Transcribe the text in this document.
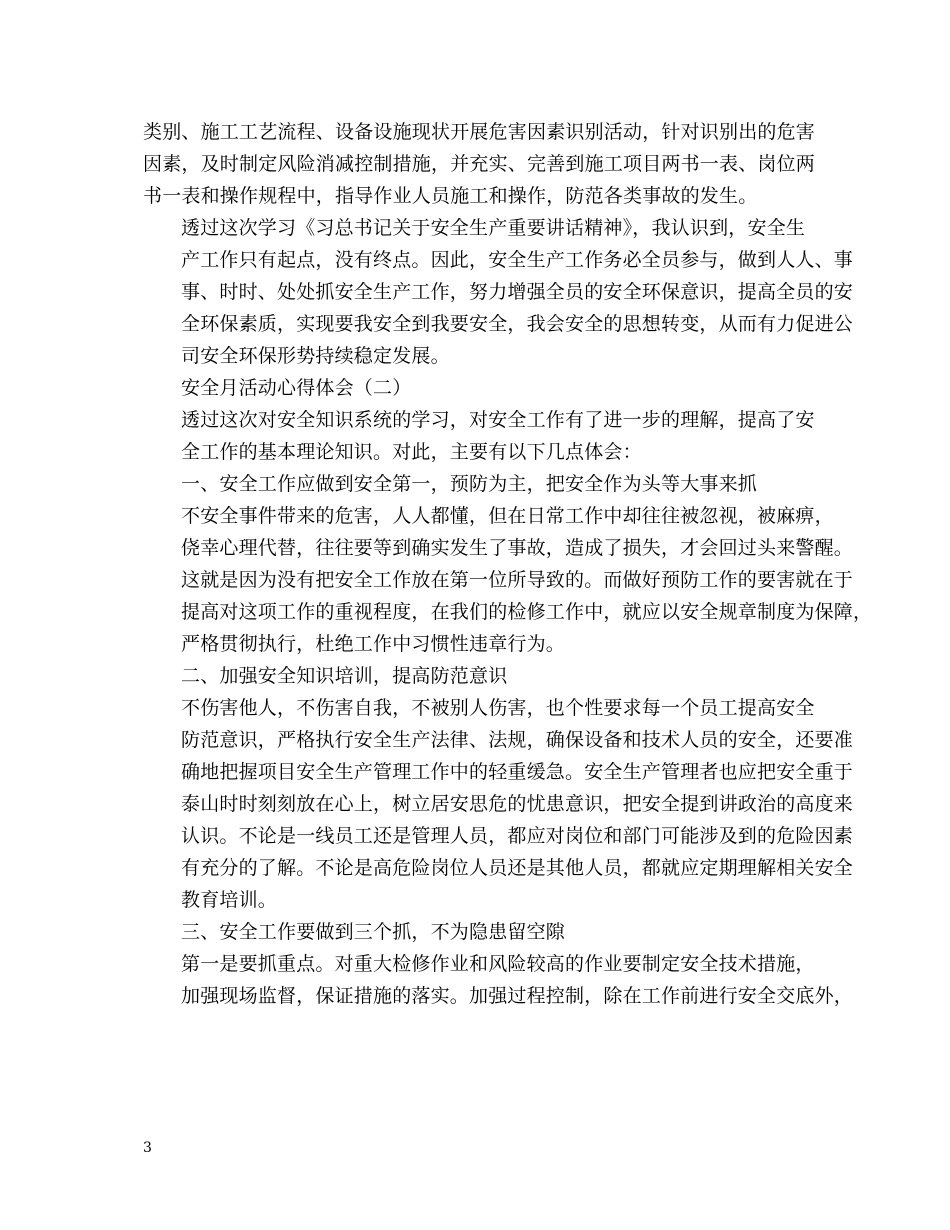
类别、施工工艺流程、设备设施现状开展危害因素识别活动，针对识别出的危害
因素，及时制定风险消减控制措施，并充实、完善到施工项目两书一表、岗位两
书一表和操作规程中，指导作业人员施工和操作，防范各类事故的发生。

透过这次学习《习总书记关于安全生产重要讲话精神》，我认识到，安全生
产工作只有起点，没有终点。因此，安全生产工作务必全员参与，做到人人、事
事、时时、处处抓安全生产工作，努力增强全员的安全环保意识，提高全员的安
全环保素质，实现要我安全到我要安全，我会安全的思想转变，从而有力促进公
司安全环保形势持续稳定发展。

安全月活动心得体会（二）

透过这次对安全知识系统的学习，对安全工作有了进一步的理解，提高了安
全工作的基本理论知识。对此，主要有以下几点体会：

一、安全工作应做到安全第一，预防为主，把安全作为头等大事来抓

不安全事件带来的危害，人人都懂，但在日常工作中却往往被忽视，被麻痹，
侥幸心理代替，往往要等到确实发生了事故，造成了损失，才会回过头来警醒。
这就是因为没有把安全工作放在第一位所导致的。而做好预防工作的要害就在于
提高对这项工作的重视程度，在我们的检修工作中，就应以安全规章制度为保障，
严格贯彻执行，杜绝工作中习惯性违章行为。

二、加强安全知识培训，提高防范意识

不伤害他人，不伤害自我，不被别人伤害，也个性要求每一个员工提高安全
防范意识，严格执行安全生产法律、法规，确保设备和技术人员的安全，还要准
确地把握项目安全生产管理工作中的轻重缓急。安全生产管理者也应把安全重于
泰山时时刻刻放在心上，树立居安思危的忧患意识，把安全提到讲政治的高度来
认识。不论是一线员工还是管理人员，都应对岗位和部门可能涉及到的危险因素
有充分的了解。不论是高危险岗位人员还是其他人员，都就应定期理解相关安全
教育培训。

三、安全工作要做到三个抓，不为隐患留空隙

第一是要抓重点。对重大检修作业和风险较高的作业要制定安全技术措施，
加强现场监督，保证措施的落实。加强过程控制，除在工作前进行安全交底外，

3
